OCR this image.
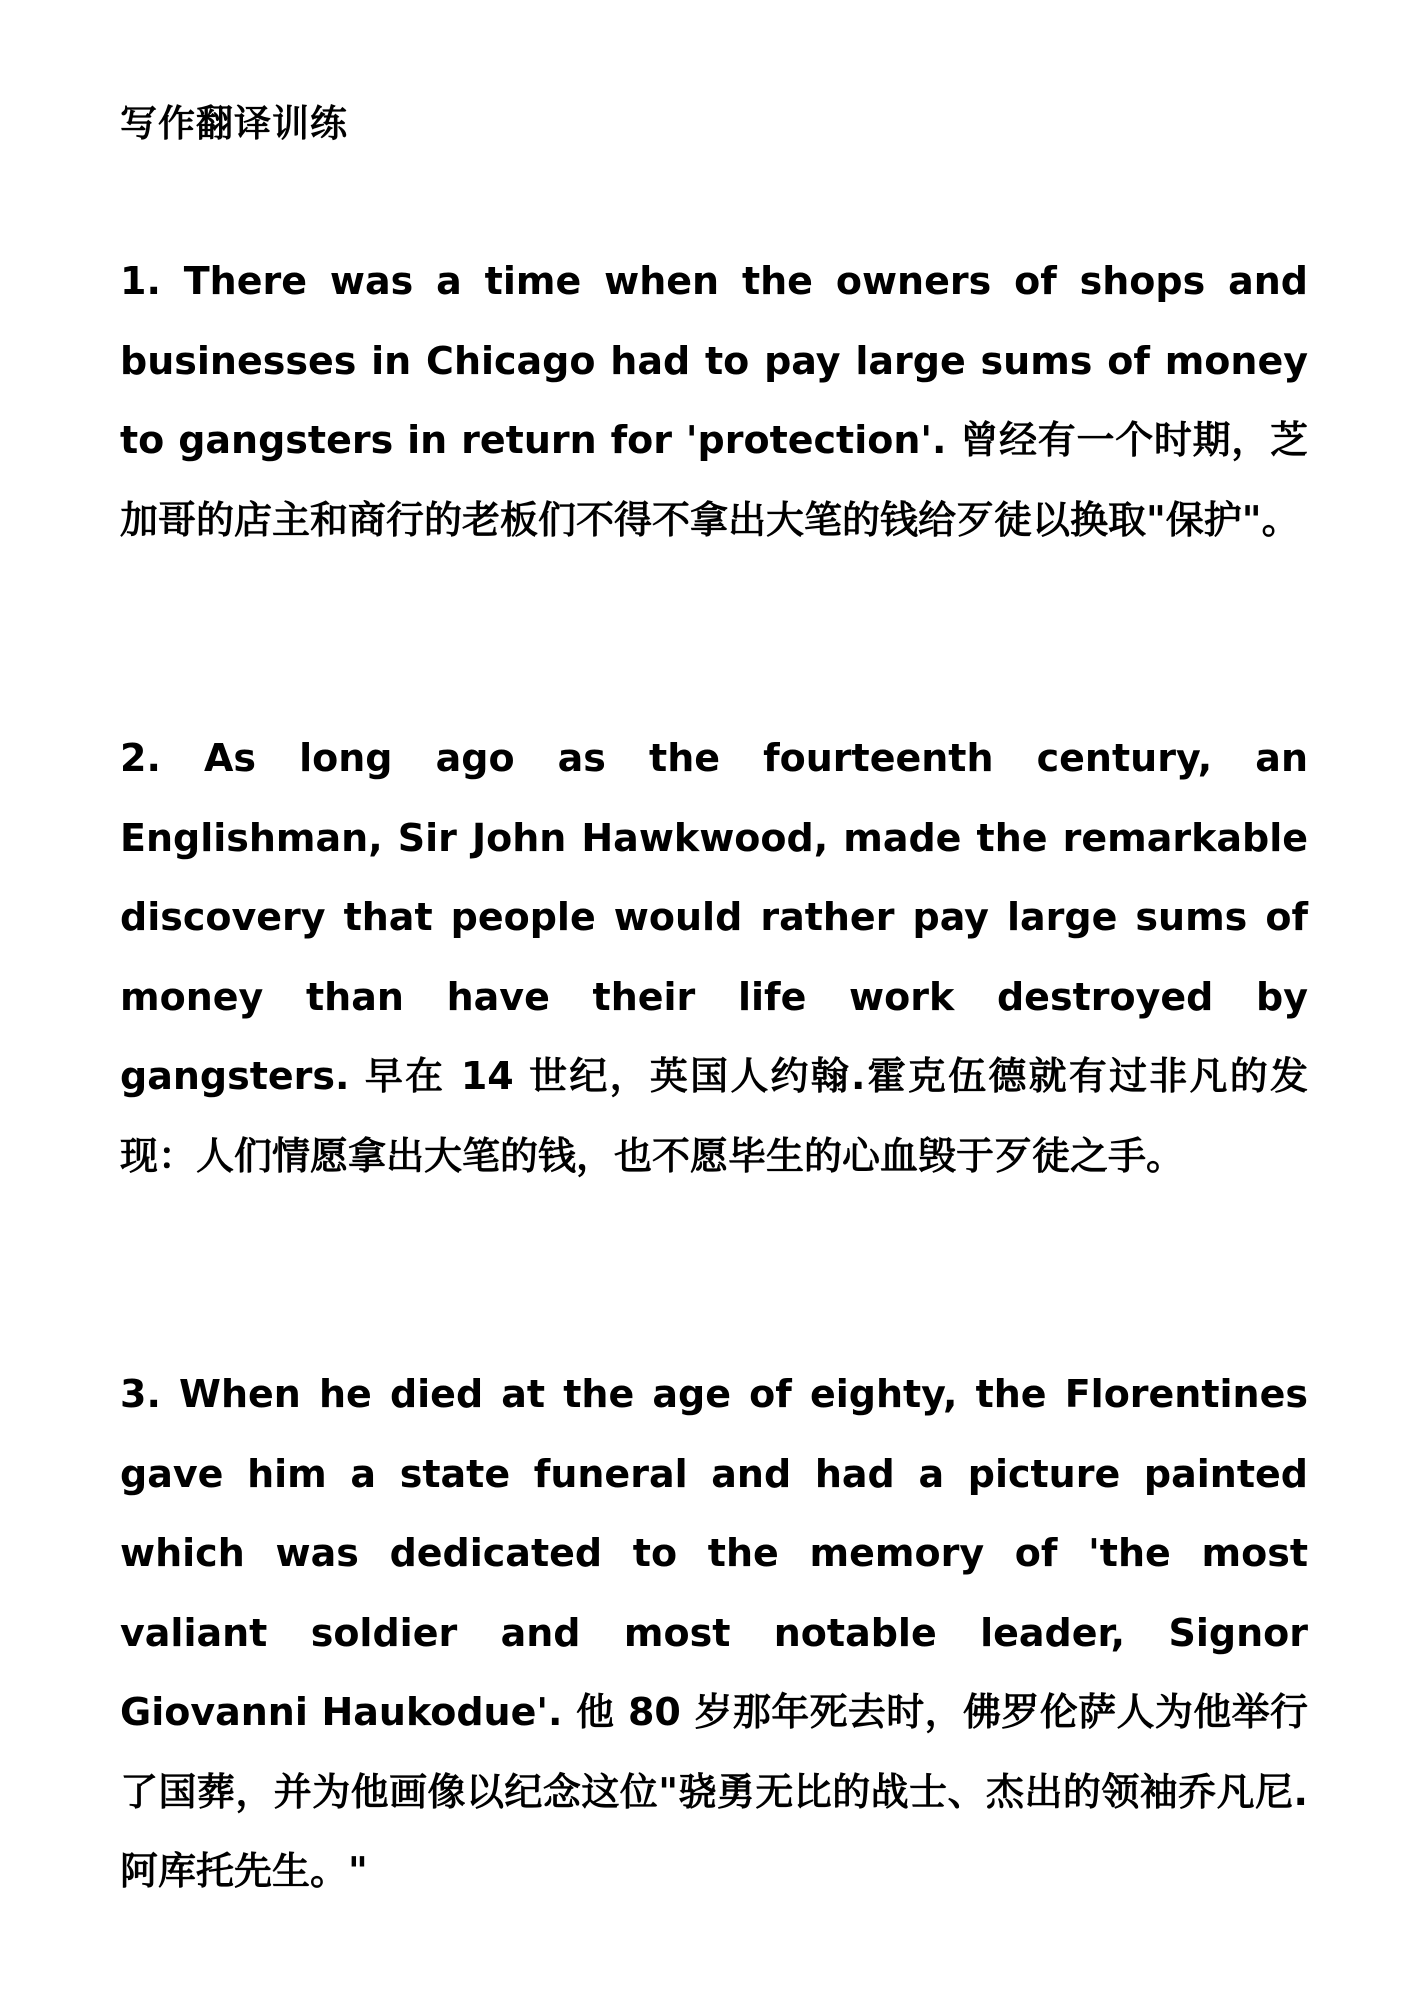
写作翻译训练

1. There was a time when the owners of shops and businesses in Chicago had to pay large sums of money to gangsters in return for 'protection'. 曾经有一个时期，芝加哥的店主和商行的老板们不得不拿出大笔的钱给歹徒以换取"保护"。

2. As long ago as the fourteenth century, an Englishman, Sir John Hawkwood, made the remarkable discovery that people would rather pay large sums of money than have their life work destroyed by gangsters. 早在 14 世纪，英国人约翰.霍克伍德就有过非凡的发现：人们情愿拿出大笔的钱，也不愿毕生的心血毁于歹徒之手。

3. When he died at the age of eighty, the Florentines gave him a state funeral and had a picture painted which was dedicated to the memory of 'the most valiant soldier and most notable leader, Signor Giovanni Haukodue'. 他 80 岁那年死去时，佛罗伦萨人为他举行了国葬，并为他画像以纪念这位"骁勇无比的战士、杰出的领袖乔凡尼.阿库托先生。"
